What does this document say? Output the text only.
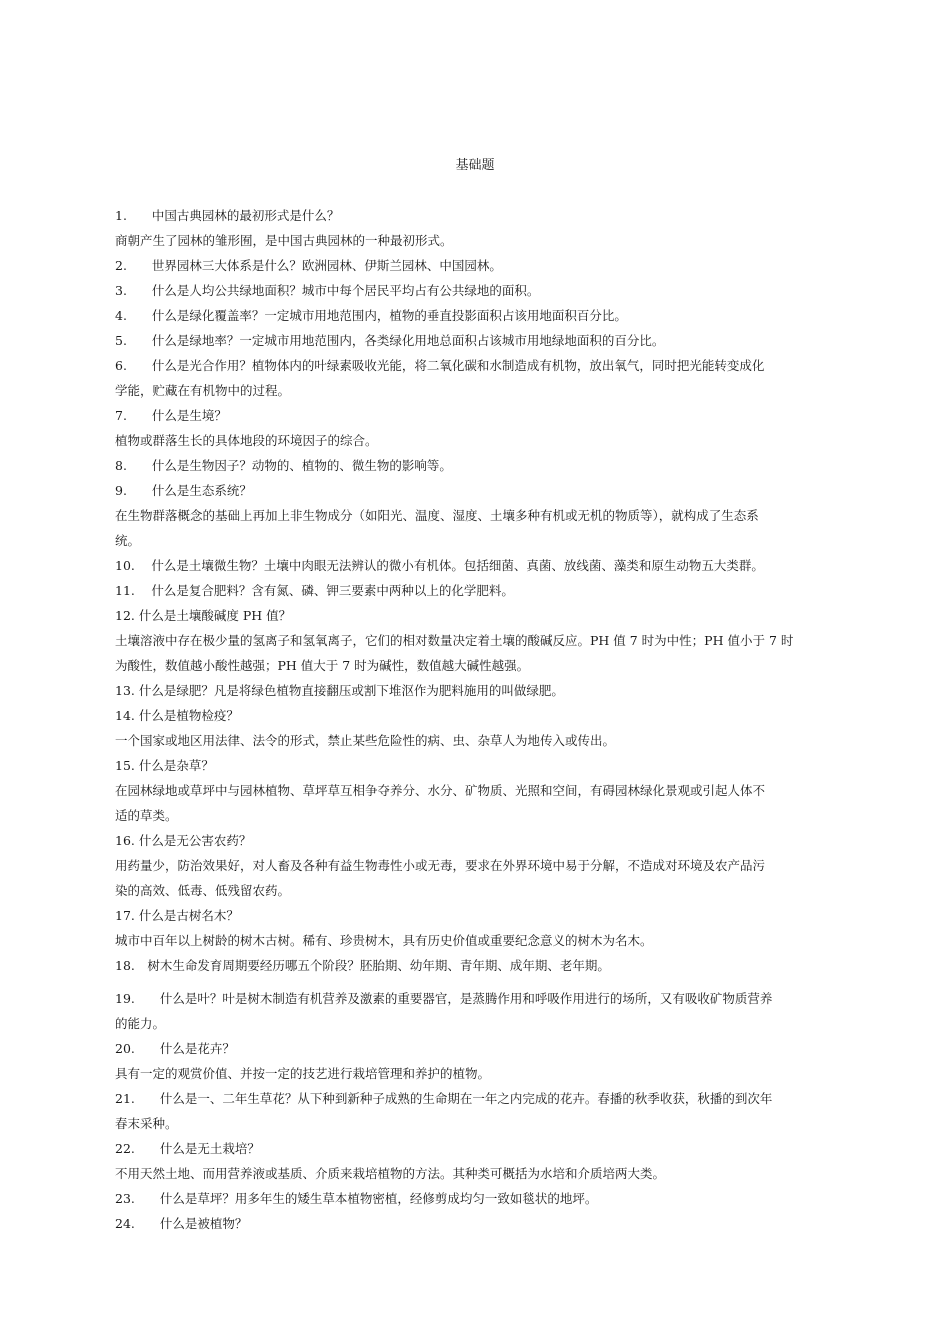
基础题
1.　　中国古典园林的最初形式是什么？
商朝产生了园林的雏形囿，是中国古典园林的一种最初形式。
2.　　世界园林三大体系是什么？欧洲园林、伊斯兰园林、中国园林。
3.　　什么是人均公共绿地面积？城市中每个居民平均占有公共绿地的面积。
4.　　什么是绿化覆盖率？一定城市用地范围内，植物的垂直投影面积占该用地面积百分比。
5.　　什么是绿地率？一定城市用地范围内，各类绿化用地总面积占该城市用地绿地面积的百分比。
6.　　什么是光合作用？植物体内的叶绿素吸收光能，将二氧化碳和水制造成有机物，放出氧气，同时把光能转变成化
学能，贮藏在有机物中的过程。
7.　　什么是生境？
植物或群落生长的具体地段的环境因子的综合。
8.　　什么是生物因子？动物的、植物的、微生物的影响等。
9.　　什么是生态系统？
在生物群落概念的基础上再加上非生物成分（如阳光、温度、湿度、土壤多种有机或无机的物质等），就构成了生态系
统。
10.　 什么是土壤微生物？土壤中肉眼无法辨认的微小有机体。包括细菌、真菌、放线菌、藻类和原生动物五大类群。
11.　 什么是复合肥料？含有氮、磷、钾三要素中两种以上的化学肥料。
12. 什么是土壤酸碱度 PH 值？
土壤溶液中存在极少量的氢离子和氢氧离子，它们的相对数量决定着土壤的酸碱反应。PH 值 7 时为中性；PH 值小于 7 时
为酸性，数值越小酸性越强；PH 值大于 7 时为碱性，数值越大碱性越强。
13. 什么是绿肥？凡是将绿色植物直接翻压或割下堆沤作为肥料施用的叫做绿肥。
14. 什么是植物检疫？
一个国家或地区用法律、法令的形式，禁止某些危险性的病、虫、杂草人为地传入或传出。
15. 什么是杂草？
在园林绿地或草坪中与园林植物、草坪草互相争夺养分、水分、矿物质、光照和空间，有碍园林绿化景观或引起人体不
适的草类。
16. 什么是无公害农药？
用药量少，防治效果好，对人畜及各种有益生物毒性小或无毒，要求在外界环境中易于分解，不造成对环境及农产品污
染的高效、低毒、低残留农药。
17. 什么是古树名木？
城市中百年以上树龄的树木古树。稀有、珍贵树木，具有历史价值或重要纪念意义的树木为名木。
18.　树木生命发育周期要经历哪五个阶段？胚胎期、幼年期、青年期、成年期、老年期。
19.　　什么是叶？叶是树木制造有机营养及激素的重要器官，是蒸腾作用和呼吸作用进行的场所，又有吸收矿物质营养
的能力。
20.　　什么是花卉？
具有一定的观赏价值、并按一定的技艺进行栽培管理和养护的植物。
21.　　什么是一、二年生草花？从下种到新种子成熟的生命期在一年之内完成的花卉。春播的秋季收获，秋播的到次年
春末采种。
22.　　什么是无土栽培？
不用天然土地、而用营养液或基质、介质来栽培植物的方法。其种类可概括为水培和介质培两大类。
23.　　什么是草坪？用多年生的矮生草本植物密植，经修剪成均匀一致如毯状的地坪。
24.　　什么是被植物？
